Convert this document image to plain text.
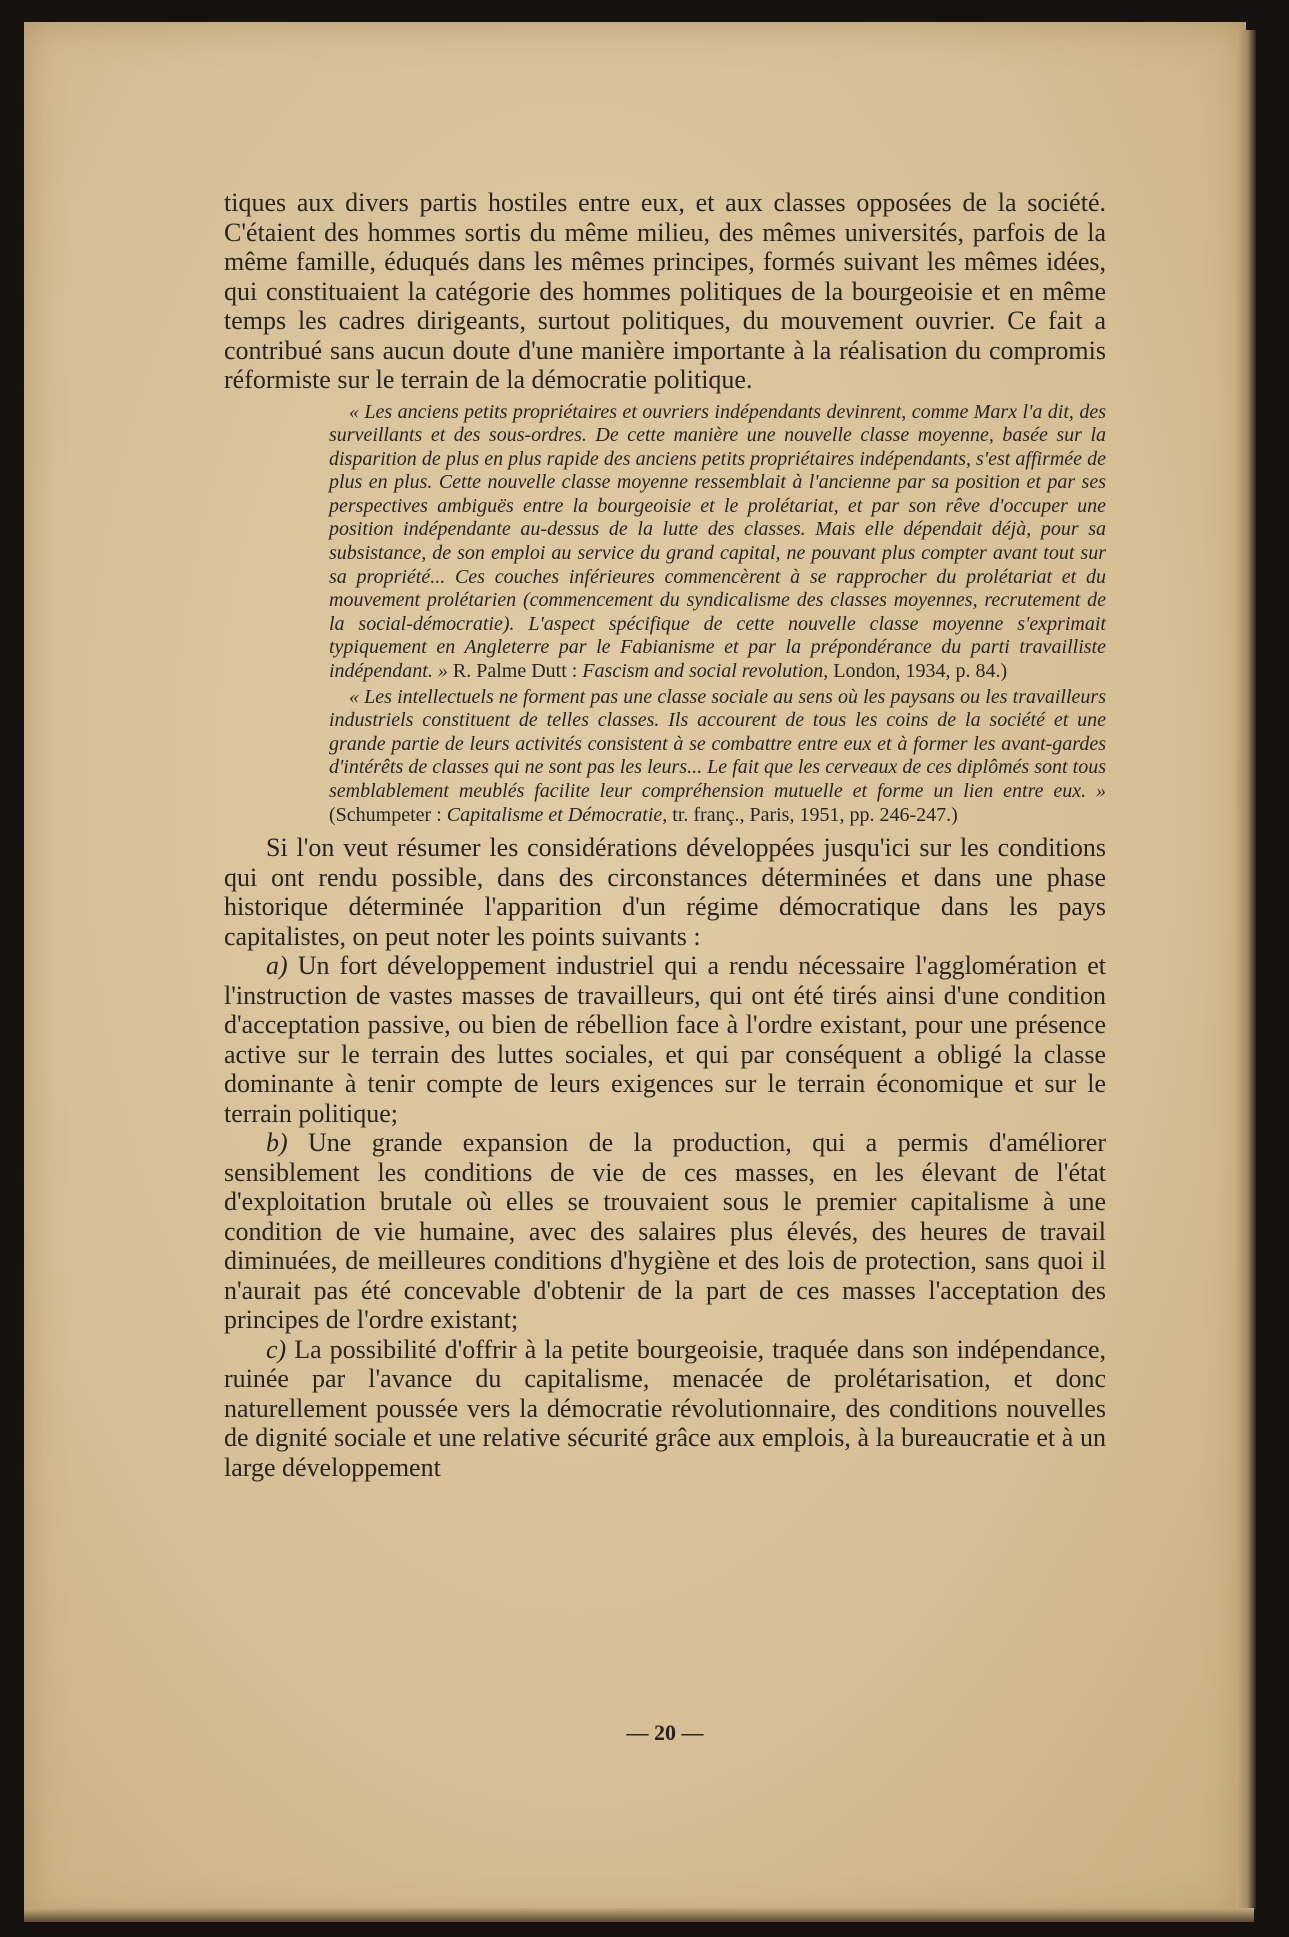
tiques aux divers partis hostiles entre eux, et aux classes opposées de la société. C'étaient des hommes sortis du même milieu, des mêmes universités, parfois de la même famille, éduqués dans les mêmes principes, formés suivant les mêmes idées, qui constituaient la catégorie des hommes politiques de la bourgeoisie et en même temps les cadres dirigeants, surtout politiques, du mouvement ouvrier. Ce fait a contribué sans aucun doute d'une manière importante à la réalisation du compromis réformiste sur le terrain de la démocratie politique.

« Les anciens petits propriétaires et ouvriers indépendants devinrent, comme Marx l'a dit, des surveillants et des sous-ordres. De cette manière une nouvelle classe moyenne, basée sur la disparition de plus en plus rapide des anciens petits propriétaires indépendants, s'est affirmée de plus en plus. Cette nouvelle classe moyenne ressemblait à l'ancienne par sa position et par ses perspectives ambiguës entre la bourgeoisie et le prolétariat, et par son rêve d'occuper une position indépendante au-dessus de la lutte des classes. Mais elle dépendait déjà, pour sa subsistance, de son emploi au service du grand capital, ne pouvant plus compter avant tout sur sa propriété... Ces couches inférieures commencèrent à se rapprocher du prolétariat et du mouvement prolétarien (commencement du syndicalisme des classes moyennes, recrutement de la social-démocratie). L'aspect spécifique de cette nouvelle classe moyenne s'exprimait typiquement en Angleterre par le Fabianisme et par la prépondérance du parti travailliste indépendant. » R. Palme Dutt : Fascism and social revolution, London, 1934, p. 84.)

« Les intellectuels ne forment pas une classe sociale au sens où les paysans ou les travailleurs industriels constituent de telles classes. Ils accourent de tous les coins de la société et une grande partie de leurs activités consistent à se combattre entre eux et à former les avant-gardes d'intérêts de classes qui ne sont pas les leurs... Le fait que les cerveaux de ces diplômés sont tous semblablement meublés facilite leur compréhension mutuelle et forme un lien entre eux. » (Schumpeter : Capitalisme et Démocratie, tr. franç., Paris, 1951, pp. 246-247.)

Si l'on veut résumer les considérations développées jusqu'ici sur les conditions qui ont rendu possible, dans des circonstances déterminées et dans une phase historique déterminée l'apparition d'un régime démocratique dans les pays capitalistes, on peut noter les points suivants :

a) Un fort développement industriel qui a rendu nécessaire l'agglomération et l'instruction de vastes masses de travailleurs, qui ont été tirés ainsi d'une condition d'acceptation passive, ou bien de rébellion face à l'ordre existant, pour une présence active sur le terrain des luttes sociales, et qui par conséquent a obligé la classe dominante à tenir compte de leurs exigences sur le terrain économique et sur le terrain politique;

b) Une grande expansion de la production, qui a permis d'améliorer sensiblement les conditions de vie de ces masses, en les élevant de l'état d'exploitation brutale où elles se trouvaient sous le premier capitalisme à une condition de vie humaine, avec des salaires plus élevés, des heures de travail diminuées, de meilleures conditions d'hygiène et des lois de protection, sans quoi il n'aurait pas été concevable d'obtenir de la part de ces masses l'acceptation des principes de l'ordre existant;

c) La possibilité d'offrir à la petite bourgeoisie, traquée dans son indépendance, ruinée par l'avance du capitalisme, menacée de prolétarisation, et donc naturellement poussée vers la démocratie révolutionnaire, des conditions nouvelles de dignité sociale et une relative sécurité grâce aux emplois, à la bureaucratie et à un large développement

— 20 —
